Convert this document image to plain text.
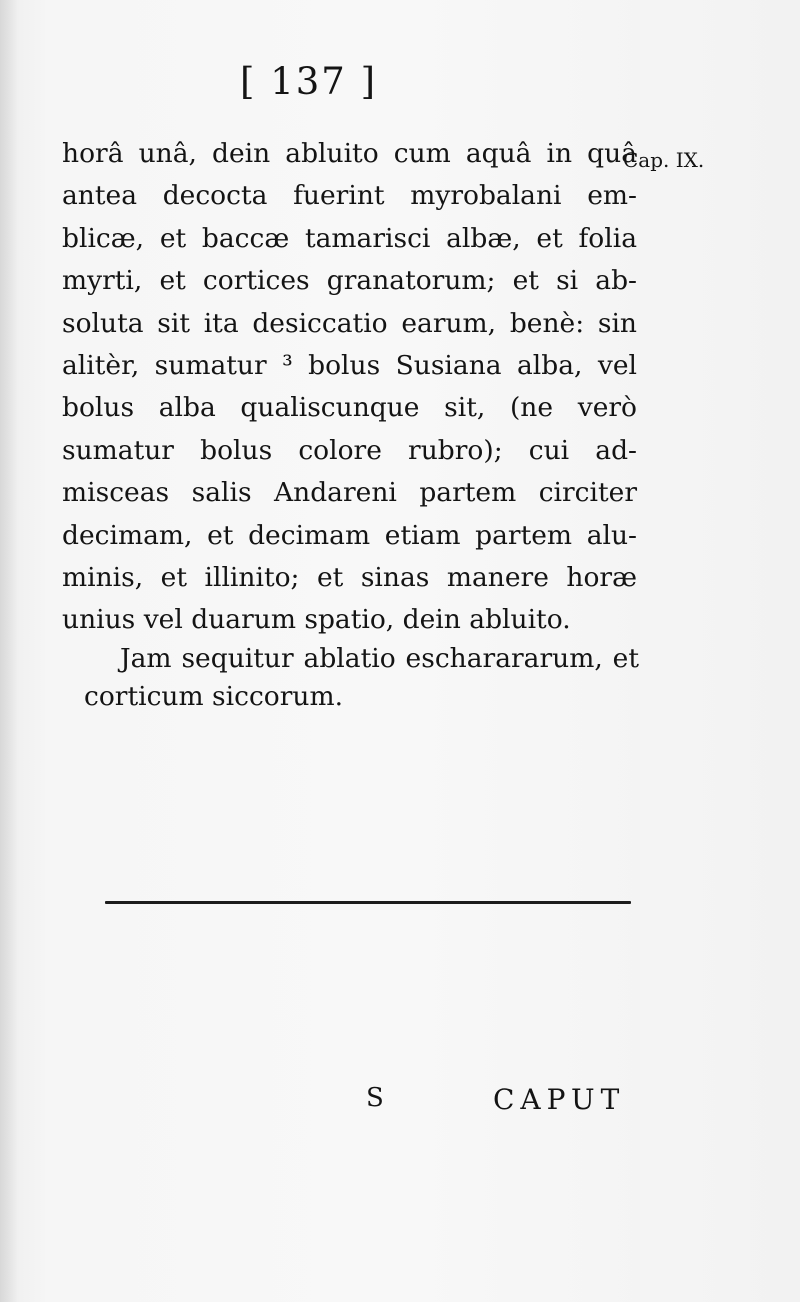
[ 137 ]
Cap. IX.
horâ unâ, dein abluito cum aquâ in quâ
antea decocta fuerint myrobalani em-
blicæ, et baccæ tamarisci albæ, et folia
myrti, et cortices granatorum; et si ab-
soluta sit ita desiccatio earum, benè: sin
alitèr, sumatur ³ bolus Susiana alba, vel
bolus alba qualiscunque sit, (ne verò
sumatur bolus colore rubro); cui ad-
misceas salis Andareni partem circiter
decimam, et decimam etiam partem alu-
minis, et illinito; et sinas manere horæ
unius vel duarum spatio, dein abluito.
Jam sequitur ablatio escharararum, et
corticum siccorum.
S	CAPUT
